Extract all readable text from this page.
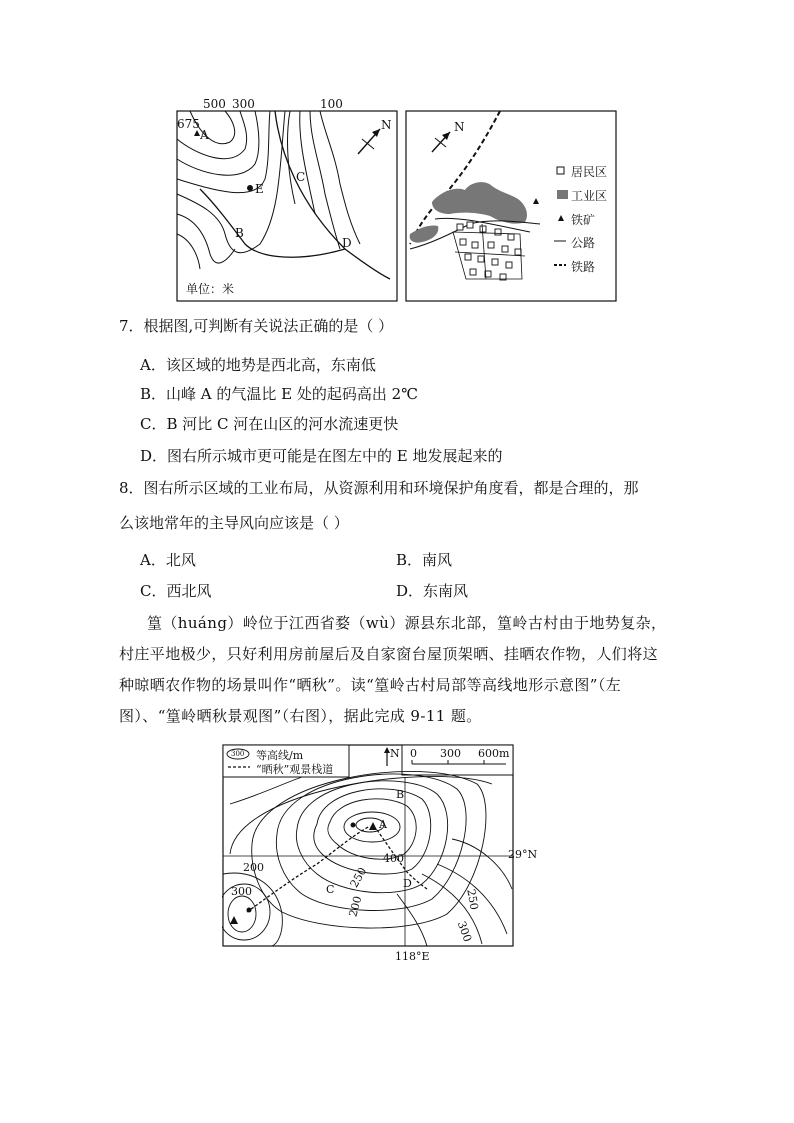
500 300	100
675
A
E
C
B
D
N
单位：米
N
居民区
工业区
铁矿
公路
铁路
7．根据图,可判断有关说法正确的是（ ）
A．该区域的地势是西北高，东南低
B．山峰 A 的气温比 E 处的起码高出 2℃
C．B 河比 C 河在山区的河水流速更快
D．图右所示城市更可能是在图左中的 E 地发展起来的
8．图右所示区域的工业布局，从资源利用和环境保护角度看，都是合理的，那
么该地常年的主导风向应该是（ ）
A．北风	B．南风
C．西北风	D．东南风
篁（huáng）岭位于江西省婺（wù）源县东北部，篁岭古村由于地势复杂，
村庄平地极少，只好利用房前屋后及自家窗台屋顶架晒、挂晒农作物，人们将这
种晾晒农作物的场景叫作“晒秋”。读“篁岭古村局部等高线地形示意图”（左
图）、“篁岭晒秋景观图”（右图），据此完成 9-11 题。
300 等高线/m
“晒秋”观景栈道
N 0 300 600m
B
A
400	29°N
200	250
C	D
300	250
200
300
118°E
